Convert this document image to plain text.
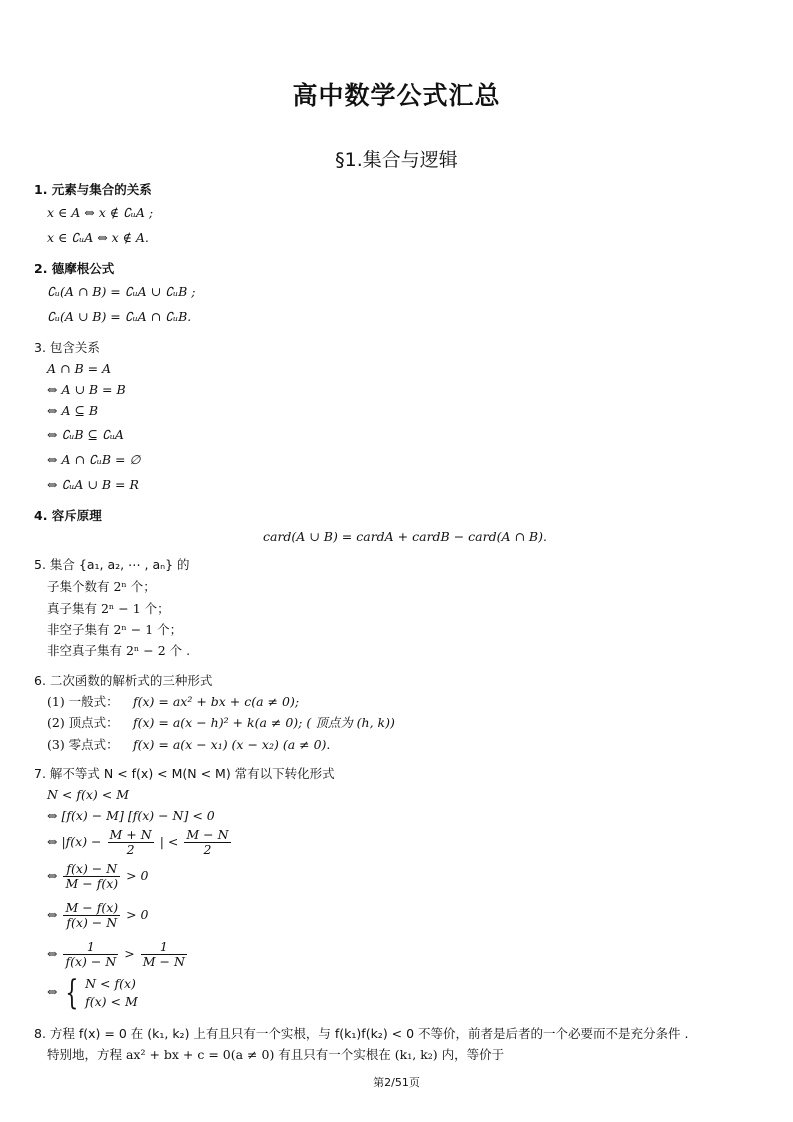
高中数学公式汇总
§1.集合与逻辑
1. 元素与集合的关系
x ∈ A ⇔ x ∉ ∁ᵤA ;
x ∈ ∁ᵤA ⇔ x ∉ A.
2. 德摩根公式
∁ᵤ(A ∩ B) = ∁ᵤA ∪ ∁ᵤB ;
∁ᵤ(A ∪ B) = ∁ᵤA ∩ ∁ᵤB.
3. 包含关系
A ∩ B = A
⇔ A ∪ B = B
⇔ A ⊆ B
⇔ ∁ᵤB ⊆ ∁ᵤA
⇔ A ∩ ∁ᵤB = ∅
⇔ ∁ᵤA ∪ B = R
4. 容斥原理
card(A ∪ B) = cardA + cardB − card(A ∩ B).
5. 集合 {a₁, a₂, ⋯ , aₙ} 的
子集个数有 2ⁿ 个；
真子集有 2ⁿ − 1 个；
非空子集有 2ⁿ − 1 个；
非空真子集有 2ⁿ − 2 个 .
6. 二次函数的解析式的三种形式
(1) 一般式： f(x) = ax² + bx + c(a ≠ 0);
(2) 顶点式： f(x) = a(x − h)² + k(a ≠ 0); ( 顶点为 (h, k))
(3) 零点式： f(x) = a(x − x₁) (x − x₂) (a ≠ 0).
7. 解不等式 N < f(x) < M(N < M) 常有以下转化形式
N < f(x) < M
⇔ [f(x) − M] [f(x) − N] < 0
⇔ $|f(x) - \frac{M + N}{2}$ | < $\frac{M - N}{2}$
⇔ $\frac{f(x) - N}{M - f(x)} > 0$
⇔ $\frac{M - f(x)}{f(x) - N} > 0$
⇔ $\frac{1}{f(x) - N} > \frac{1}{M - N}$
⇔ { N < f(x)
f(x) < M
8. 方程 f(x) = 0 在 (k₁, k₂) 上有且只有一个实根，与 f(k₁)f(k₂) < 0 不等价，前者是后者的一个必要而不是充分条件 .
特别地，方程 ax² + bx + c = 0(a ≠ 0) 有且只有一个实根在 (k₁, k₂) 内，等价于
第2/51页
